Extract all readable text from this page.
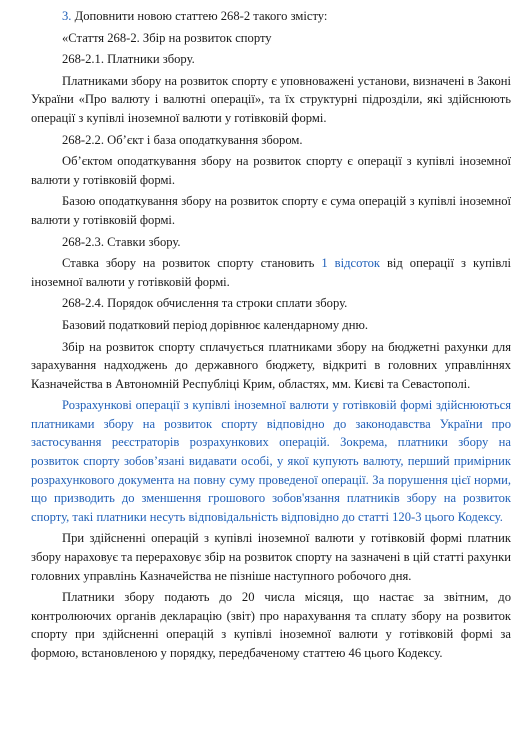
3. Доповнити новою статтею 268-2 такого змісту:

«Стаття 268-2. Збір на розвиток спорту

268-2.1. Платники збору.

Платниками збору на розвиток спорту є уповноважені установи, визначені в Законі України «Про валюту і валютні операції», та їх структурні підрозділи, які здійснюють операції з купівлі іноземної валюти у готівковій формі.

268-2.2. Об’єкт і база оподаткування збором.

Об’єктом оподаткування збору на розвиток спорту є операції з купівлі іноземної валюти у готівковій формі.

Базою оподаткування збору на розвиток спорту є сума операцій з купівлі іноземної валюти у готівковій формі.

268-2.3. Ставки збору.

Ставка збору на розвиток спорту становить 1 відсоток від операції з купівлі іноземної валюти у готівковій формі.

268-2.4. Порядок обчислення та строки сплати збору.

Базовий податковий період дорівнює календарному дню.

Збір на розвиток спорту сплачується платниками збору на бюджетні рахунки для зарахування надходжень до державного бюджету, відкриті в головних управліннях Казначейства в Автономній Республіці Крим, областях, мм. Києві та Севастополі.

Розрахункові операції з купівлі іноземної валюти у готівковій формі здійснюються платниками збору на розвиток спорту відповідно до законодавства України про застосування реєстраторів розрахункових операцій. Зокрема, платники збору на розвиток спорту зобов’язані видавати особі, у якої купують валюту, перший примірник розрахункового документа на повну суму проведеної операції. За порушення цієї норми, що призводить до зменшення грошового зобов'язання платників збору на розвиток спорту, такі платники несуть відповідальність відповідно до статті 120-3 цього Кодексу.

При здійсненні операцій з купівлі іноземної валюти у готівковій формі платник збору нараховує та перераховує збір на розвиток спорту на зазначені в цій статті рахунки головних управлінь Казначейства не пізніше наступного робочого дня.

Платники збору подають до 20 числа місяця, що настає за звітним, до контролюючих органів декларацію (звіт) про нарахування та сплату збору на розвиток спорту при здійсненні операцій з купівлі іноземної валюти у готівковій формі за формою, встановленою у порядку, передбаченому статтею 46 цього Кодексу.
